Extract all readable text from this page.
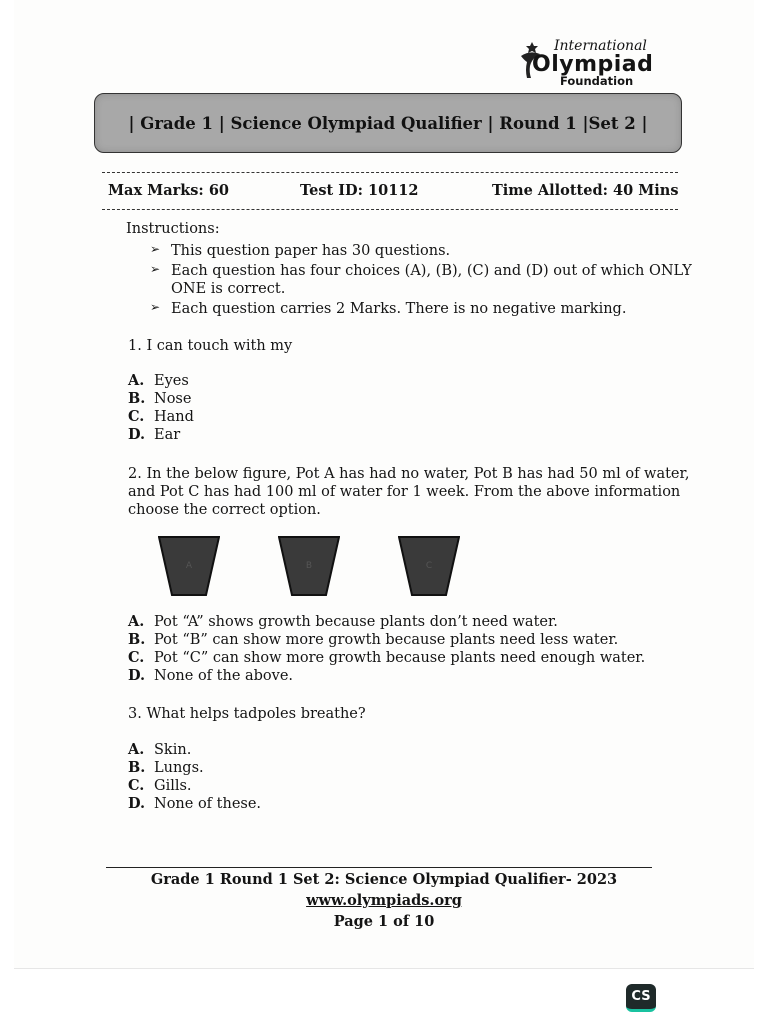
International
Olympiad
Foundation
| Grade 1 | Science Olympiad Qualifier | Round 1 |Set 2 |
Max Marks: 60	Test ID: 10112	Time Allotted: 40 Mins
Instructions:
➢ This question paper has 30 questions.
➢ Each question has four choices (A), (B), (C) and (D) out of which ONLY
ONE is correct.
➢ Each question carries 2 Marks. There is no negative marking.
1. I can touch with my
A. Eyes
B. Nose
C. Hand
D. Ear
2. In the below figure, Pot A has had no water, Pot B has had 50 ml of water,
and Pot C has had 100 ml of water for 1 week. From the above information
choose the correct option.
A	B	C
A. Pot “A” shows growth because plants don’t need water.
B. Pot “B” can show more growth because plants need less water.
C. Pot “C” can show more growth because plants need enough water.
D. None of the above.
3. What helps tadpoles breathe?
A. Skin.
B. Lungs.
C. Gills.
D. None of these.
Grade 1 Round 1 Set 2: Science Olympiad Qualifier- 2023
www.olympiads.org
Page 1 of 10
CS
